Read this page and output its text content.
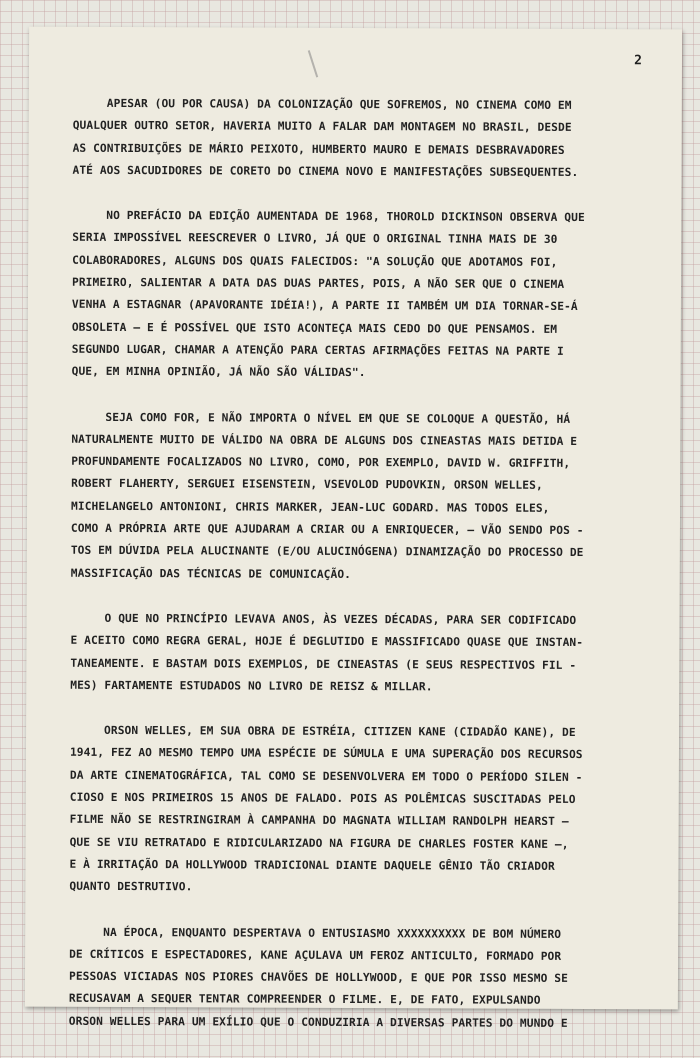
2
APESAR (OU POR CAUSA) DA COLONIZAÇÃO QUE SOFREMOS, NO CINEMA COMO EM
QUALQUER OUTRO SETOR, HAVERIA MUITO A FALAR DAM MONTAGEM NO BRASIL, DESDE
AS CONTRIBUIÇÕES DE MÁRIO PEIXOTO, HUMBERTO MAURO E DEMAIS DESBRAVADORES
ATÉ AOS SACUDIDORES DE CORETO DO CINEMA NOVO E MANIFESTAÇÕES SUBSEQUENTES.
NO PREFÁCIO DA EDIÇÃO AUMENTADA DE 1968, THOROLD DICKINSON OBSERVA QUE
SERIA IMPOSSÍVEL REESCREVER O LIVRO, JÁ QUE O ORIGINAL TINHA MAIS DE 30
COLABORADORES, ALGUNS DOS QUAIS FALECIDOS: "A SOLUÇÃO QUE ADOTAMOS FOI,
PRIMEIRO, SALIENTAR A DATA DAS DUAS PARTES, POIS, A NÃO SER QUE O CINEMA
VENHA A ESTAGNAR (APAVORANTE IDÉIA!), A PARTE II TAMBÉM UM DIA TORNAR-SE-Á
OBSOLETA — E É POSSÍVEL QUE ISTO ACONTEÇA MAIS CEDO DO QUE PENSAMOS. EM
SEGUNDO LUGAR, CHAMAR A ATENÇÃO PARA CERTAS AFIRMAÇÕES FEITAS NA PARTE I
QUE, EM MINHA OPINIÃO, JÁ NÃO SÃO VÁLIDAS".
SEJA COMO FOR, E NÃO IMPORTA O NÍVEL EM QUE SE COLOQUE A QUESTÃO, HÁ
NATURALMENTE MUITO DE VÁLIDO NA OBRA DE ALGUNS DOS CINEASTAS MAIS DETIDA E
PROFUNDAMENTE FOCALIZADOS NO LIVRO, COMO, POR EXEMPLO, DAVID W. GRIFFITH,
ROBERT FLAHERTY, SERGUEI EISENSTEIN, VSEVOLOD PUDOVKIN, ORSON WELLES,
MICHELANGELO ANTONIONI, CHRIS MARKER, JEAN-LUC GODARD. MAS TODOS ELES,
COMO A PRÓPRIA ARTE QUE AJUDARAM A CRIAR OU A ENRIQUECER, — VÃO SENDO POS -
TOS EM DÚVIDA PELA ALUCINANTE (E/OU ALUCINÓGENA) DINAMIZAÇÃO DO PROCESSO DE
MASSIFICAÇÃO DAS TÉCNICAS DE COMUNICAÇÃO.
O QUE NO PRINCÍPIO LEVAVA ANOS, ÀS VEZES DÉCADAS, PARA SER CODIFICADO
E ACEITO COMO REGRA GERAL, HOJE É DEGLUTIDO E MASSIFICADO QUASE QUE INSTAN-
TANEAMENTE. E BASTAM DOIS EXEMPLOS, DE CINEASTAS (E SEUS RESPECTIVOS FIL -
MES) FARTAMENTE ESTUDADOS NO LIVRO DE REISZ & MILLAR.
ORSON WELLES, EM SUA OBRA DE ESTRÉIA, CITIZEN KANE (CIDADÃO KANE), DE
1941, FEZ AO MESMO TEMPO UMA ESPÉCIE DE SÚMULA E UMA SUPERAÇÃO DOS RECURSOS
DA ARTE CINEMATOGRÁFICA, TAL COMO SE DESENVOLVERA EM TODO O PERÍODO SILEN -
CIOSO E NOS PRIMEIROS 15 ANOS DE FALADO. POIS AS POLÊMICAS SUSCITADAS PELO
FILME NÃO SE RESTRINGIRAM À CAMPANHA DO MAGNATA WILLIAM RANDOLPH HEARST —
QUE SE VIU RETRATADO E RIDICULARIZADO NA FIGURA DE CHARLES FOSTER KANE —,
E À IRRITAÇÃO DA HOLLYWOOD TRADICIONAL DIANTE DAQUELE GÊNIO TÃO CRIADOR
QUANTO DESTRUTIVO.
NA ÉPOCA, ENQUANTO DESPERTAVA O ENTUSIASMO XXXXXXXXXX DE BOM NÚMERO
DE CRÍTICOS E ESPECTADORES, KANE AÇULAVA UM FEROZ ANTICULTO, FORMADO POR
PESSOAS VICIADAS NOS PIORES CHAVÕES DE HOLLYWOOD, E QUE POR ISSO MESMO SE
RECUSAVAM A SEQUER TENTAR COMPREENDER O FILME. E, DE FATO, EXPULSANDO
ORSON WELLES PARA UM EXÍLIO QUE O CONDUZIRIA A DIVERSAS PARTES DO MUNDO E
